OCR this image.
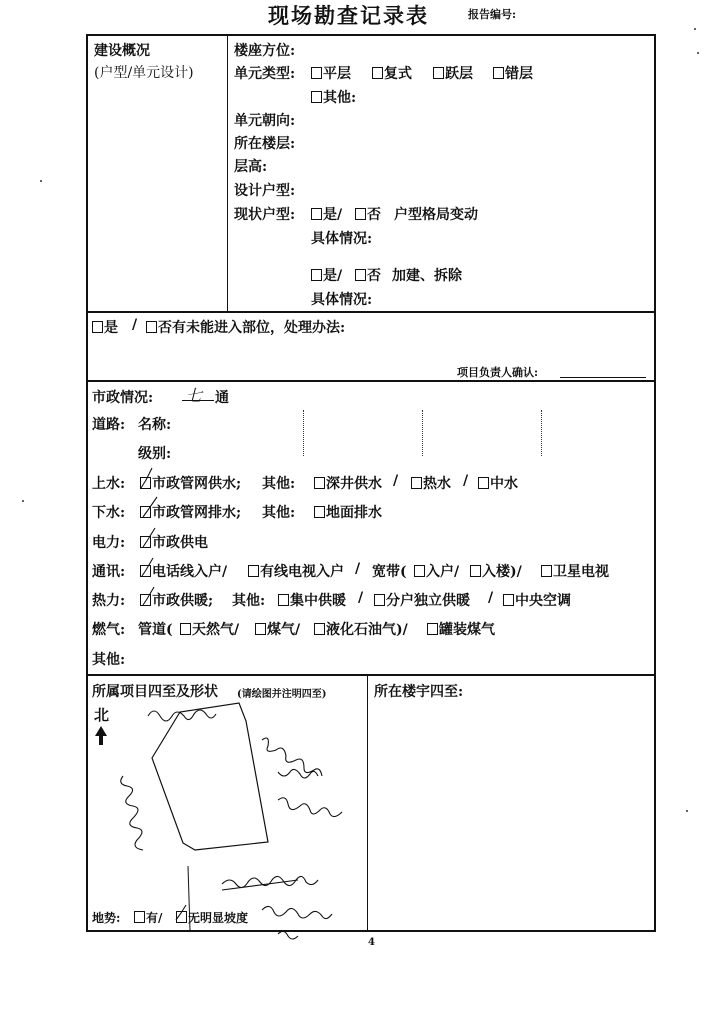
现场勘查记录表	报告编号:
建设概况
(户型/单元设计)
楼座方位:
单元类型:	平层	复式	跃层	错层
其他:
单元朝向:
所在楼层:
层高:
设计户型:
现状户型:	是/	否 户型格局变动
具体情况:
是/	否 加建、拆除
具体情况:
是 /	否有未能进入部位，处理办法:
项目负责人确认:
市政情况: 七 通
道路: 名称:
级别:
上水:	市政管网供水; 其他:	深井供水 /	热水 /	中水
下水:	市政管网排水; 其他:	地面排水
电力:	市政供电
通讯:	电话线入户/	有线电视入户 / 宽带(	入户/	入楼)/	卫星电视
热力:	市政供暖; 其他:	集中供暖 /	分户独立供暖 /	中央空调
燃气: 管道(	天然气/	煤气/	液化石油气)/	罐装煤气
其他:
所属项目四至及形状 (请绘图并注明四至)	所在楼宇四至:
北
地势:	有/	无明显坡度
4
